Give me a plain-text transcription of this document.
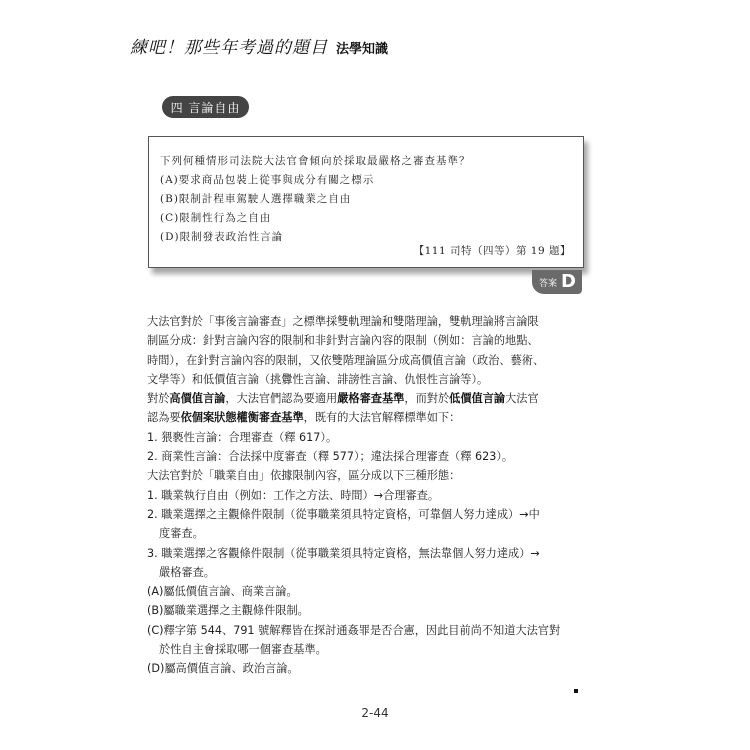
練吧！那些年考過的題目 法學知識
四 言論自由
下列何種情形司法院大法官會傾向於採取最嚴格之審查基準？
(A)要求商品包裝上從事與成分有關之標示
(B)限制計程車駕駛人選擇職業之自由
(C)限制性行為之自由
(D)限制發表政治性言論
【111 司特（四等）第 19 題】
答案 D
大法官對於「事後言論審查」之標準採雙軌理論和雙階理論，雙軌理論將言論限
制區分成：針對言論內容的限制和非針對言論內容的限制（例如：言論的地點、
時間），在針對言論內容的限制，又依雙階理論區分成高價值言論（政治、藝術、
文學等）和低價值言論（挑釁性言論、誹謗性言論、仇恨性言論等）。
對於高價值言論，大法官們認為要適用嚴格審查基準，而對於低價值言論大法官
認為要依個案狀態權衡審查基準，既有的大法官解釋標準如下：
1. 猥褻性言論：合理審查（釋 617）。
2. 商業性言論：合法採中度審查（釋 577）；違法採合理審查（釋 623）。
大法官對於「職業自由」依據限制內容，區分成以下三種形態：
1. 職業執行自由（例如：工作之方法、時間）→合理審查。
2. 職業選擇之主觀條件限制（從事職業須具特定資格，可靠個人努力達成）→中
度審查。
3. 職業選擇之客觀條件限制（從事職業須具特定資格，無法靠個人努力達成）→
嚴格審查。
(A)屬低價值言論、商業言論。
(B)屬職業選擇之主觀條件限制。
(C)釋字第 544、791 號解釋皆在探討通姦罪是否合憲，因此目前尚不知道大法官對
於性自主會採取哪一個審查基準。
(D)屬高價值言論、政治言論。
2-44
